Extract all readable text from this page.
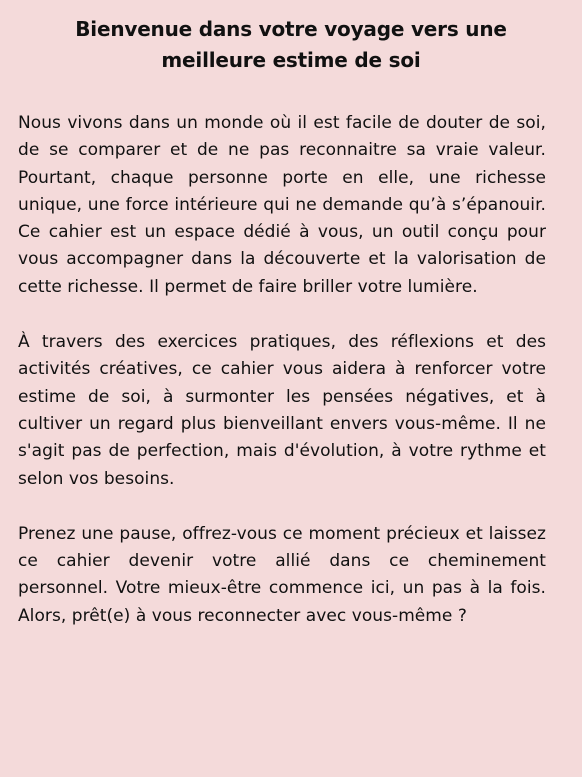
Bienvenue dans votre voyage vers une meilleure estime de soi

Nous vivons dans un monde où il est facile de douter de soi, de se comparer et de ne pas reconnaitre sa vraie valeur. Pourtant, chaque personne porte en elle, une richesse unique, une force intérieure qui ne demande qu’à s’épanouir. Ce cahier est un espace dédié à vous, un outil conçu pour vous accompagner dans la découverte et la valorisation de cette richesse. Il permet de faire briller votre lumière.

À travers des exercices pratiques, des réflexions et des activités créatives, ce cahier vous aidera à renforcer votre estime de soi, à surmonter les pensées négatives, et à cultiver un regard plus bienveillant envers vous-même. Il ne s'agit pas de perfection, mais d'évolution, à votre rythme et selon vos besoins.

Prenez une pause, offrez-vous ce moment précieux et laissez ce cahier devenir votre allié dans ce cheminement personnel. Votre mieux-être commence ici, un pas à la fois. Alors, prêt(e) à vous reconnecter avec vous-même ?
